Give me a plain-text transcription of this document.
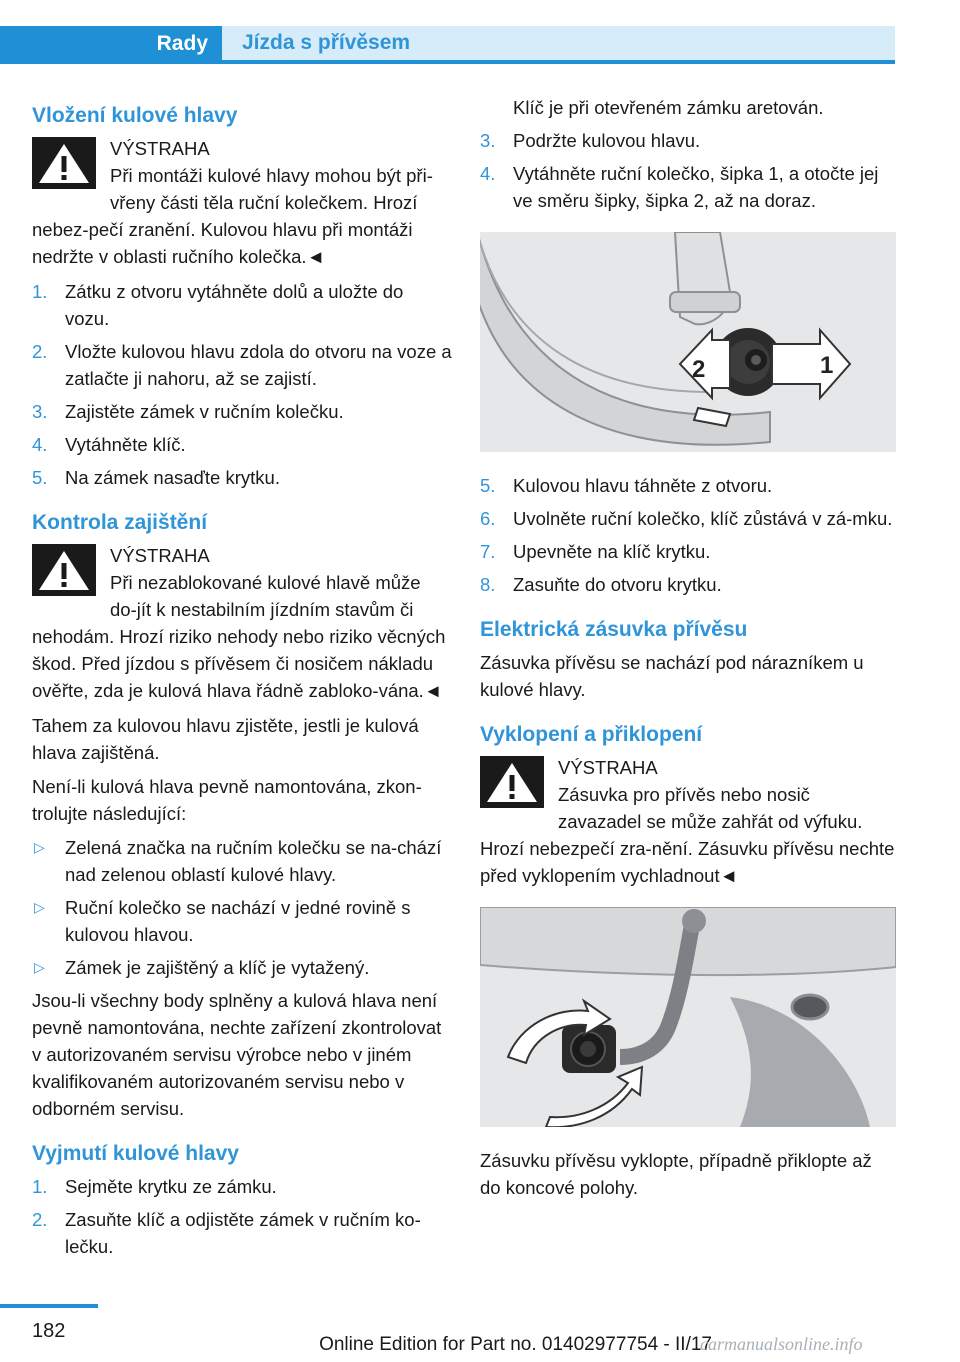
Rady Jízda s přívěsem
Vložení kulové hlavy

VÝSTRAHA

Při montáži kulové hlavy mohou být při-vřeny části těla ruční kolečkem. Hrozí nebez-pečí zranění. Kulovou hlavu při montáži nedržte v oblasti ručního kolečka.◄

1. Zátku z otvoru vytáhněte dolů a uložte do vozu.
2. Vložte kulovou hlavu zdola do otvoru na voze a zatlačte ji nahoru, až se zajistí.
3. Zajistěte zámek v ručním kolečku.
4. Vytáhněte klíč.
5. Na zámek nasaďte krytku.
Kontrola zajištění

VÝSTRAHA

Při nezablokované kulové hlavě může do-jít k nestabilním jízdním stavům či nehodám. Hrozí riziko nehody nebo riziko věcných škod. Před jízdou s přívěsem či nosičem nákladu ověřte, zda je kulová hlava řádně zabloko-vána.◄

Tahem za kulovou hlavu zjistěte, jestli je kulová hlava zajištěná.

Není-li kulová hlava pevně namontována, zkon-trolujte následující:

▷ Zelená značka na ručním kolečku se na-chází nad zelenou oblastí kulové hlavy.
▷ Ruční kolečko se nachází v jedné rovině s kulovou hlavou.
▷ Zámek je zajištěný a klíč je vytažený.

Jsou-li všechny body splněny a kulová hlava není pevně namontována, nechte zařízení zkontrolovat v autorizovaném servisu výrobce nebo v jiném kvalifikovaném autorizovaném servisu nebo v odborném servisu.

Vyjmutí kulové hlavy
1. Sejměte krytku ze zámku.
2. Zasuňte klíč a odjistěte zámek v ručním ko-lečku.

Klíč je při otevřeném zámku aretován.

3. Podržte kulovou hlavu.
4. Vytáhněte ruční kolečko, šipka 1, a otočte jej ve směru šipky, šipka 2, až na doraz.
2	1
5. Kulovou hlavu táhněte z otvoru.
6. Uvolněte ruční kolečko, klíč zůstává v zá-mku.
7. Upevněte na klíč krytku.
8. Zasuňte do otvoru krytku.
Elektrická zásuvka přívěsu

Zásuvka přívěsu se nachází pod nárazníkem u kulové hlavy.

Vyklopení a přiklopení

VÝSTRAHA

Zásuvka pro přívěs nebo nosič zavazadel se může zahřát od výfuku. Hrozí nebezpečí zra-nění. Zásuvku přívěsu nechte před vyklopením vychladnout◄

Zásuvku přívěsu vyklopte, případně přiklopte až do koncové polohy.

182
Online Edition for Part no. 01402977754 - II/17
carmanualsonline.info
